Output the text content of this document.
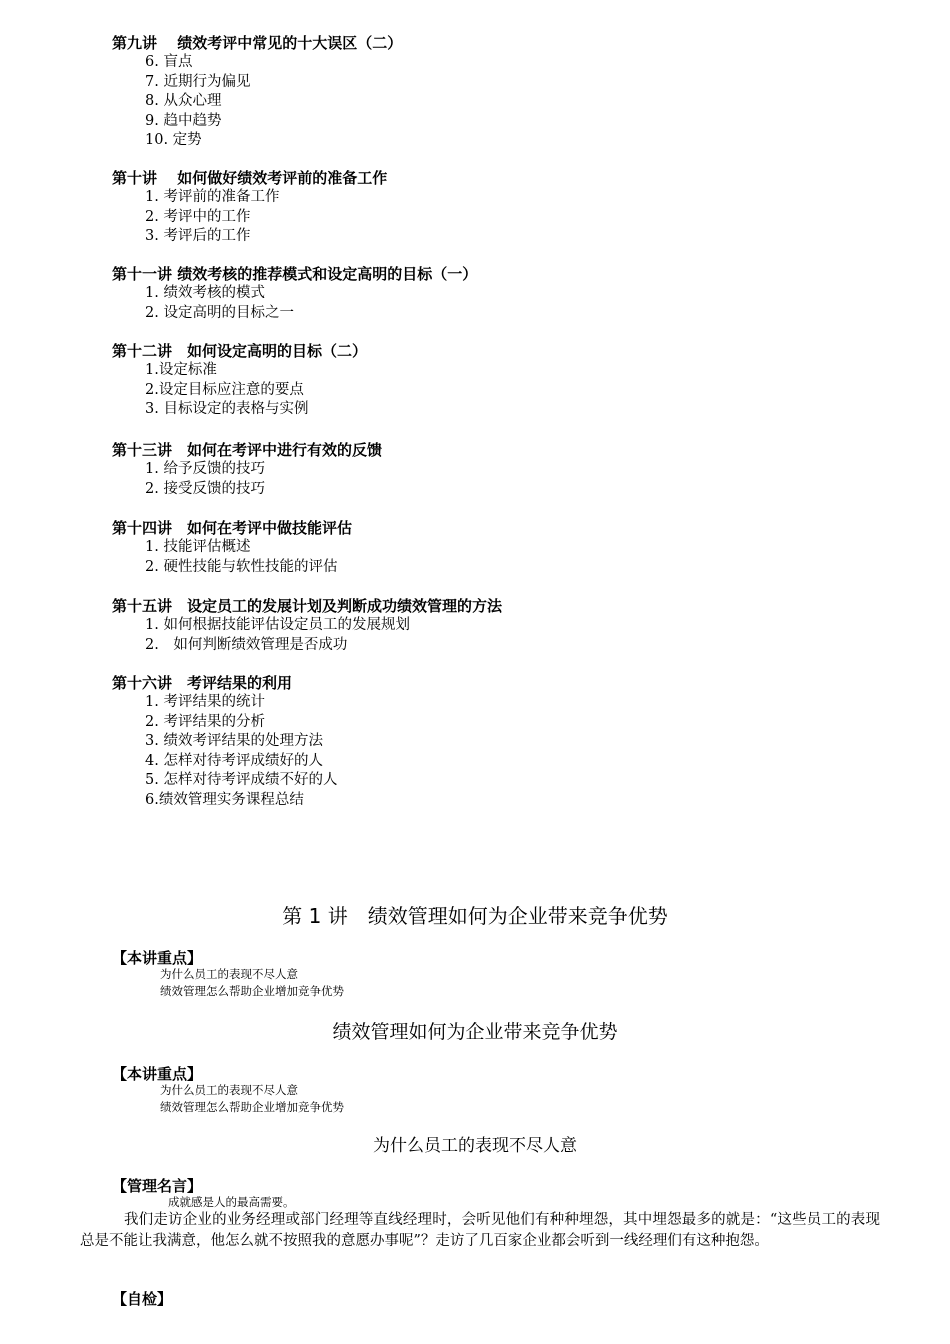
第九讲　 绩效考评中常见的十大误区（二）
6. 盲点
7. 近期行为偏见
8. 从众心理
9. 趋中趋势
10. 定势
第十讲　 如何做好绩效考评前的准备工作
1. 考评前的准备工作
2. 考评中的工作
3. 考评后的工作
第十一讲 绩效考核的推荐模式和设定高明的目标（一）
1. 绩效考核的模式
2. 设定高明的目标之一
第十二讲　如何设定高明的目标（二）
1.设定标准
2.设定目标应注意的要点
3. 目标设定的表格与实例
第十三讲　如何在考评中进行有效的反馈
1. 给予反馈的技巧
2. 接受反馈的技巧
第十四讲　如何在考评中做技能评估
1. 技能评估概述
2. 硬性技能与软性技能的评估
第十五讲　设定员工的发展计划及判断成功绩效管理的方法
1. 如何根据技能评估设定员工的发展规划
2.　如何判断绩效管理是否成功
第十六讲　考评结果的利用
1. 考评结果的统计
2. 考评结果的分析
3. 绩效考评结果的处理方法
4. 怎样对待考评成绩好的人
5. 怎样对待考评成绩不好的人
6.绩效管理实务课程总结
第 1 讲　绩效管理如何为企业带来竞争优势
【本讲重点】
为什么员工的表现不尽人意
绩效管理怎么帮助企业增加竞争优势
绩效管理如何为企业带来竞争优势
【本讲重点】
为什么员工的表现不尽人意
绩效管理怎么帮助企业增加竞争优势
为什么员工的表现不尽人意
【管理名言】
成就感是人的最高需要。
我们走访企业的业务经理或部门经理等直线经理时，会听见他们有种种埋怨，其中埋怨最多的就是：“这些员工的表现总是不能让我满意，他怎么就不按照我的意愿办事呢”？走访了几百家企业都会听到一线经理们有这种抱怨。
【自检】
